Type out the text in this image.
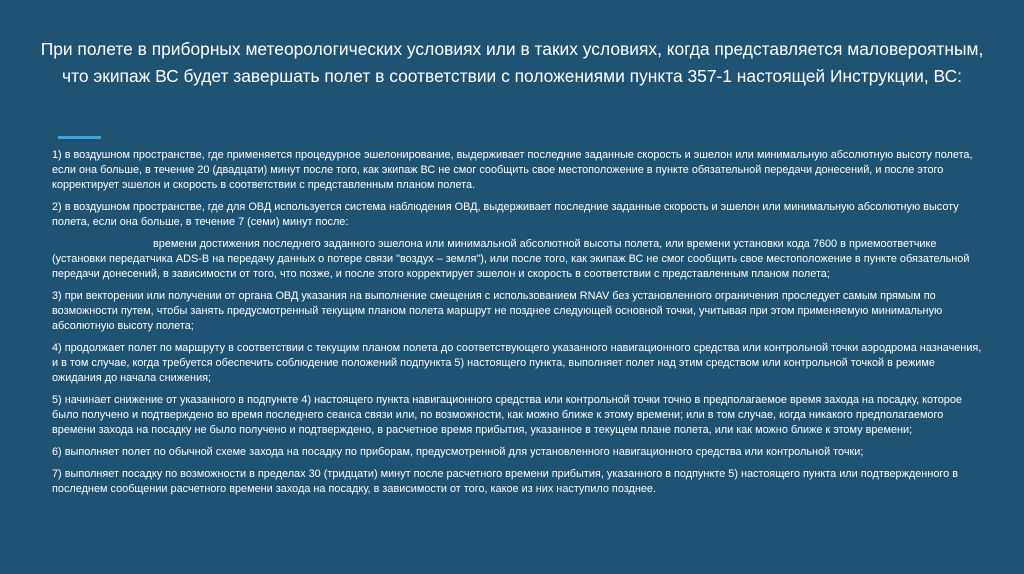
При полете в приборных метеорологических условиях или в таких условиях, когда представляется маловероятным, что экипаж ВС будет завершать полет в соответствии с положениями пункта 357-1 настоящей Инструкции, ВС:

1) в воздушном пространстве, где применяется процедурное эшелонирование, выдерживает последние заданные скорость и эшелон или минимальную абсолютную высоту полета, если она больше, в течение 20 (двадцати) минут после того, как экипаж ВС не смог сообщить свое местоположение в пункте обязательной передачи донесений, и после этого корректирует эшелон и скорость в соответствии с представленным планом полета.

2) в воздушном пространстве, где для ОВД используется система наблюдения ОВД, выдерживает последние заданные скорость и эшелон или минимальную абсолютную высоту полета, если она больше, в течение 7 (семи) минут после:

времени достижения последнего заданного эшелона или минимальной абсолютной высоты полета, или времени установки кода 7600 в приемоответчике (установки передатчика ADS-B на передачу данных о потере связи "воздух – земля"), или после того, как экипаж ВС не смог сообщить свое местоположение в пункте обязательной передачи донесений, в зависимости от того, что позже, и после этого корректирует эшелон и скорость в соответствии с представленным планом полета;

3) при векторении или получении от органа ОВД указания на выполнение смещения с использованием RNAV без установленного ограничения проследует самым прямым по возможности путем, чтобы занять предусмотренный текущим планом полета маршрут не позднее следующей основной точки, учитывая при этом применяемую минимальную абсолютную высоту полета;

4) продолжает полет по маршруту в соответствии с текущим планом полета до соответствующего указанного навигационного средства или контрольной точки аэродрома назначения, и в том случае, когда требуется обеспечить соблюдение положений подпункта 5) настоящего пункта, выполняет полет над этим средством или контрольной точкой в режиме ожидания до начала снижения;

5) начинает снижение от указанного в подпункте 4) настоящего пункта навигационного средства или контрольной точки точно в предполагаемое время захода на посадку, которое было получено и подтверждено во время последнего сеанса связи или, по возможности, как можно ближе к этому времени; или в том случае, когда никакого предполагаемого времени захода на посадку не было получено и подтверждено, в расчетное время прибытия, указанное в текущем плане полета, или как можно ближе к этому времени;

6) выполняет полет по обычной схеме захода на посадку по приборам, предусмотренной для установленного навигационного средства или контрольной точки;

7) выполняет посадку по возможности в пределах 30 (тридцати) минут после расчетного времени прибытия, указанного в подпункте 5) настоящего пункта или подтвержденного в последнем сообщении расчетного времени захода на посадку, в зависимости от того, какое из них наступило позднее.
